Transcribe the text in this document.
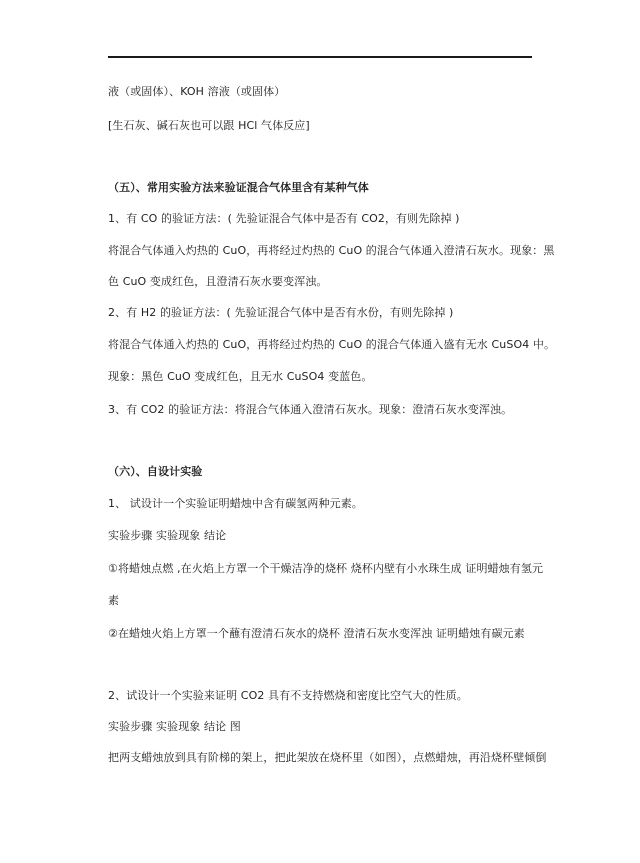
液（或固体）、KOH 溶液（或固体）
[生石灰、碱石灰也可以跟 HCl 气体反应]
（五）、常用实验方法来验证混合气体里含有某种气体
1、有 CO 的验证方法：( 先验证混合气体中是否有 CO2，有则先除掉 )
将混合气体通入灼热的 CuO，再将经过灼热的 CuO 的混合气体通入澄清石灰水。现象：黑
色 CuO 变成红色，且澄清石灰水要变浑浊。
2、有 H2 的验证方法：( 先验证混合气体中是否有水份，有则先除掉 )
将混合气体通入灼热的 CuO，再将经过灼热的 CuO 的混合气体通入盛有无水 CuSO4 中。
现象：黑色 CuO 变成红色，且无水 CuSO4 变蓝色。
3、有 CO2 的验证方法：将混合气体通入澄清石灰水。现象：澄清石灰水变浑浊。
（六）、自设计实验
1、 试设计一个实验证明蜡烛中含有碳氢两种元素。
实验步骤 实验现象 结论
①将蜡烛点燃 ,在火焰上方罩一个干燥洁净的烧杯 烧杯内壁有小水珠生成 证明蜡烛有氢元
素
②在蜡烛火焰上方罩一个蘸有澄清石灰水的烧杯 澄清石灰水变浑浊 证明蜡烛有碳元素
2、试设计一个实验来证明 CO2 具有不支持燃烧和密度比空气大的性质。
实验步骤 实验现象 结论 图
把两支蜡烛放到具有阶梯的架上，把此架放在烧杯里（如图），点燃蜡烛，再沿烧杯壁倾倒
